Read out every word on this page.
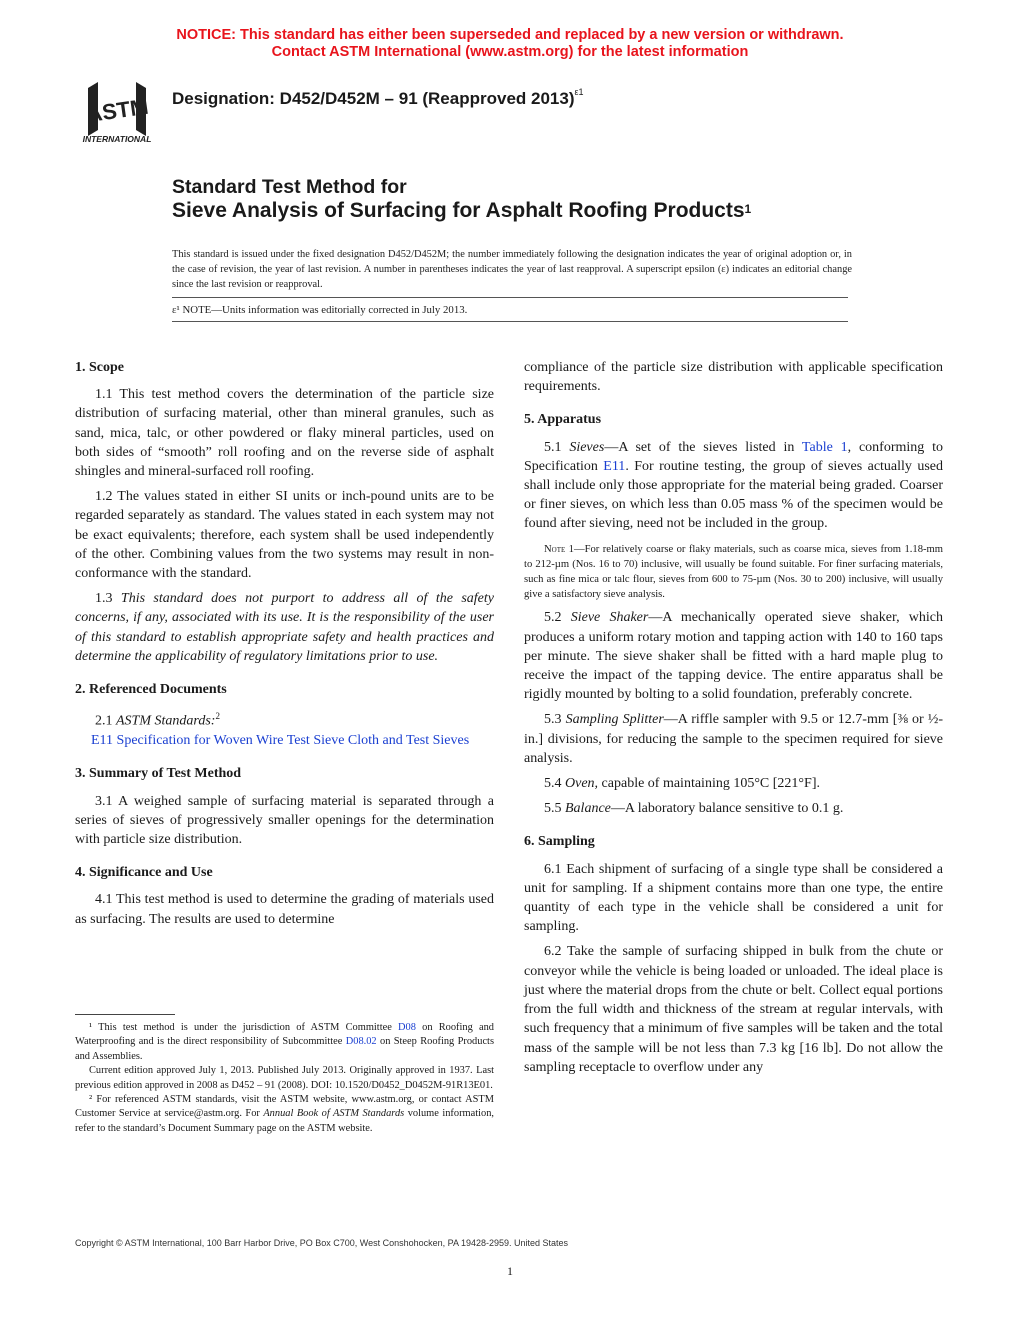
NOTICE: This standard has either been superseded and replaced by a new version or withdrawn.
Contact ASTM International (www.astm.org) for the latest information
ASTM
INTERNATIONAL
Designation: D452/D452M – 91 (Reapproved 2013)$^{\varepsilon 1}$
Standard Test Method for
Sieve Analysis of Surfacing for Asphalt Roofing Products$^1$
This standard is issued under the fixed designation D452/D452M; the number immediately following the designation indicates the year of original adoption or, in the case of revision, the year of last revision. A number in parentheses indicates the year of last reapproval. A superscript epsilon (ε) indicates an editorial change since the last revision or reapproval.
ε¹ NOTE—Units information was editorially corrected in July 2013.
1. Scope

1.1 This test method covers the determination of the particle size distribution of surfacing material, other than mineral granules, such as sand, mica, talc, or other powdered or flaky mineral particles, used on both sides of “smooth” roll roofing and on the reverse side of asphalt shingles and mineral-surfaced roll roofing.

1.2 The values stated in either SI units or inch-pound units are to be regarded separately as standard. The values stated in each system may not be exact equivalents; therefore, each system shall be used independently of the other. Combining values from the two systems may result in non-conformance with the standard.

1.3 This standard does not purport to address all of the safety concerns, if any, associated with its use. It is the responsibility of the user of this standard to establish appropriate safety and health practices and determine the applicability of regulatory limitations prior to use.

2. Referenced Documents

2.1 ASTM Standards:$^2$

E11 Specification for Woven Wire Test Sieve Cloth and Test Sieves

3. Summary of Test Method

3.1 A weighed sample of surfacing material is separated through a series of sieves of progressively smaller openings for the determination with particle size distribution.

4. Significance and Use

4.1 This test method is used to determine the grading of materials used as surfacing. The results are used to determine

¹ This test method is under the jurisdiction of ASTM Committee D08 on Roofing and Waterproofing and is the direct responsibility of Subcommittee D08.02 on Steep Roofing Products and Assemblies.

Current edition approved July 1, 2013. Published July 2013. Originally approved in 1937. Last previous edition approved in 2008 as D452 – 91 (2008). DOI: 10.1520/D0452_D0452M-91R13E01.

² For referenced ASTM standards, visit the ASTM website, www.astm.org, or contact ASTM Customer Service at service@astm.org. For Annual Book of ASTM Standards volume information, refer to the standard’s Document Summary page on the ASTM website.

compliance of the particle size distribution with applicable specification requirements.

5. Apparatus

5.1 Sieves—A set of the sieves listed in Table 1, conforming to Specification E11. For routine testing, the group of sieves actually used shall include only those appropriate for the material being graded. Coarser or finer sieves, on which less than 0.05 mass % of the specimen would be found after sieving, need not be included in the group.

Note 1—For relatively coarse or flaky materials, such as coarse mica, sieves from 1.18-mm to 212-µm (Nos. 16 to 70) inclusive, will usually be found suitable. For finer surfacing materials, such as fine mica or talc flour, sieves from 600 to 75-µm (Nos. 30 to 200) inclusive, will usually give a satisfactory sieve analysis.

5.2 Sieve Shaker—A mechanically operated sieve shaker, which produces a uniform rotary motion and tapping action with 140 to 160 taps per minute. The sieve shaker shall be fitted with a hard maple plug to receive the impact of the tapping device. The entire apparatus shall be rigidly mounted by bolting to a solid foundation, preferably concrete.

5.3 Sampling Splitter—A riffle sampler with 9.5 or 12.7-mm [⅜ or ½-in.] divisions, for reducing the sample to the specimen required for sieve analysis.

5.4 Oven, capable of maintaining 105°C [221°F].

5.5 Balance—A laboratory balance sensitive to 0.1 g.

6. Sampling

6.1 Each shipment of surfacing of a single type shall be considered a unit for sampling. If a shipment contains more than one type, the entire quantity of each type in the vehicle shall be considered a unit for sampling.

6.2 Take the sample of surfacing shipped in bulk from the chute or conveyor while the vehicle is being loaded or unloaded. The ideal place is just where the material drops from the chute or belt. Collect equal portions from the full width and thickness of the stream at regular intervals, with such frequency that a minimum of five samples will be taken and the total mass of the sample will be not less than 7.3 kg [16 lb]. Do not allow the sampling receptacle to overflow under any

Copyright © ASTM International, 100 Barr Harbor Drive, PO Box C700, West Conshohocken, PA 19428-2959. United States
1
